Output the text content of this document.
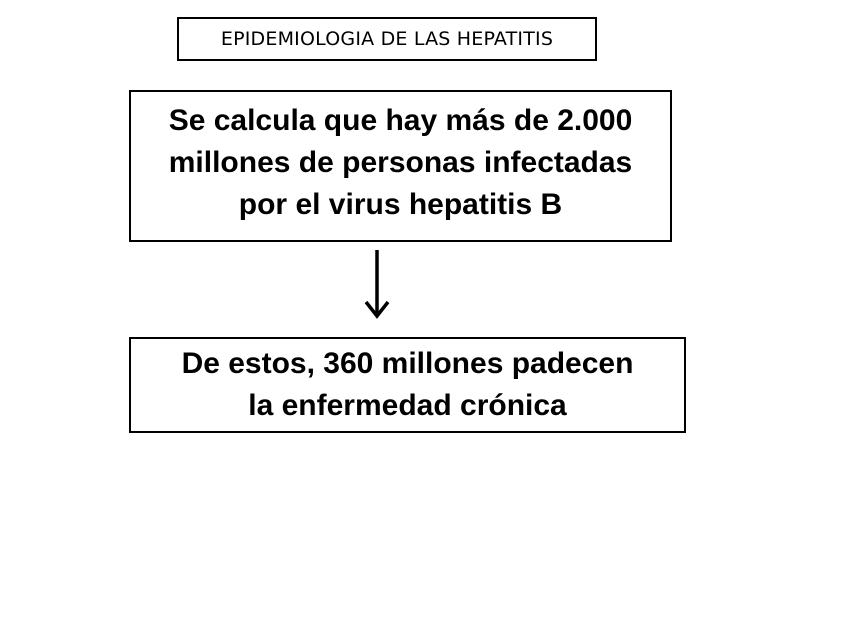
EPIDEMIOLOGIA DE LAS HEPATITIS
Se calcula que hay más de 2.000
millones de personas infectadas
por el virus hepatitis B
De estos, 360 millones padecen
la enfermedad crónica
